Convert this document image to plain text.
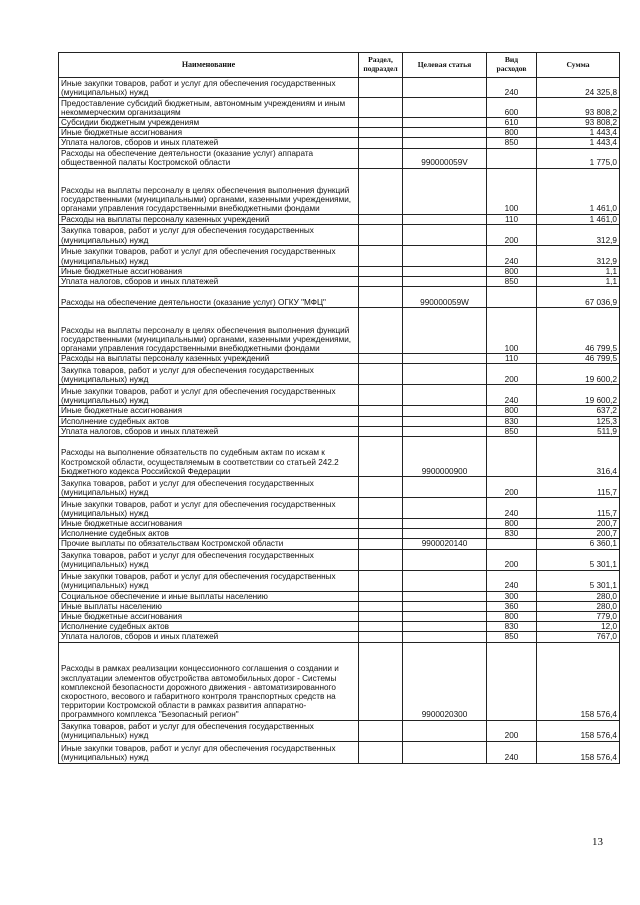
Наименование	Раздел, подраздел	Целевая статья	Вид расходов	Сумма
Иные закупки товаров, работ и услуг для обеспечения государственных (муниципальных) нужд			240	24 325,8
Предоставление субсидий бюджетным, автономным учреждениям и иным некоммерческим организациям			600	93 808,2
Субсидии бюджетным учреждениям			610	93 808,2
Иные бюджетные ассигнования			800	1 443,4
Уплата налогов, сборов и иных платежей			850	1 443,4
Расходы на обеспечение деятельности (оказание услуг) аппарата общественной палаты Костромской области		990000059V		1 775,0
Расходы на выплаты персоналу в целях обеспечения выполнения функций государственными (муниципальными) органами, казенными учреждениями, органами управления государственными внебюджетными фондами			100	1 461,0
Расходы на выплаты персоналу казенных учреждений			110	1 461,0
Закупка товаров, работ и услуг для обеспечения государственных (муниципальных) нужд			200	312,9
Иные закупки товаров, работ и услуг для обеспечения государственных (муниципальных) нужд			240	312,9
Иные бюджетные ассигнования			800	1,1
Уплата налогов, сборов и иных платежей			850	1,1
Расходы на обеспечение деятельности (оказание услуг) ОГКУ "МФЦ"		990000059W		67 036,9
Расходы на выплаты персоналу в целях обеспечения выполнения функций государственными (муниципальными) органами, казенными учреждениями, органами управления государственными внебюджетными фондами			100	46 799,5
Расходы на выплаты персоналу казенных учреждений			110	46 799,5
Закупка товаров, работ и услуг для обеспечения государственных (муниципальных) нужд			200	19 600,2
Иные закупки товаров, работ и услуг для обеспечения государственных (муниципальных) нужд			240	19 600,2
Иные бюджетные ассигнования			800	637,2
Исполнение судебных актов			830	125,3
Уплата налогов, сборов и иных платежей			850	511,9
Расходы на выполнение обязательств по судебным актам по искам к Костромской области, осуществляемым в соответствии со статьей 242.2 Бюджетного кодекса Российской Федерации		9900000900		316,4
Закупка товаров, работ и услуг для обеспечения государственных (муниципальных) нужд			200	115,7
Иные закупки товаров, работ и услуг для обеспечения государственных (муниципальных) нужд			240	115,7
Иные бюджетные ассигнования			800	200,7
Исполнение судебных актов			830	200,7
Прочие выплаты по обязательствам Костромской области		9900020140		6 360,1
Закупка товаров, работ и услуг для обеспечения государственных (муниципальных) нужд			200	5 301,1
Иные закупки товаров, работ и услуг для обеспечения государственных (муниципальных) нужд			240	5 301,1
Социальное обеспечение и иные выплаты населению			300	280,0
Иные выплаты населению			360	280,0
Иные бюджетные ассигнования			800	779,0
Исполнение судебных актов			830	12,0
Уплата налогов, сборов и иных платежей			850	767,0
Расходы в рамках реализации концессионного соглашения о создании и эксплуатации элементов обустройства автомобильных дорог - Системы комплексной безопасности дорожного движения - автоматизированного скоростного, весового и габаритного контроля транспортных средств на территории Костромской области в рамках развития аппаратно-программного комплекса "Безопасный регион"		9900020300		158 576,4
Закупка товаров, работ и услуг для обеспечения государственных (муниципальных) нужд			200	158 576,4
Иные закупки товаров, работ и услуг для обеспечения государственных (муниципальных) нужд			240	158 576,4
13
